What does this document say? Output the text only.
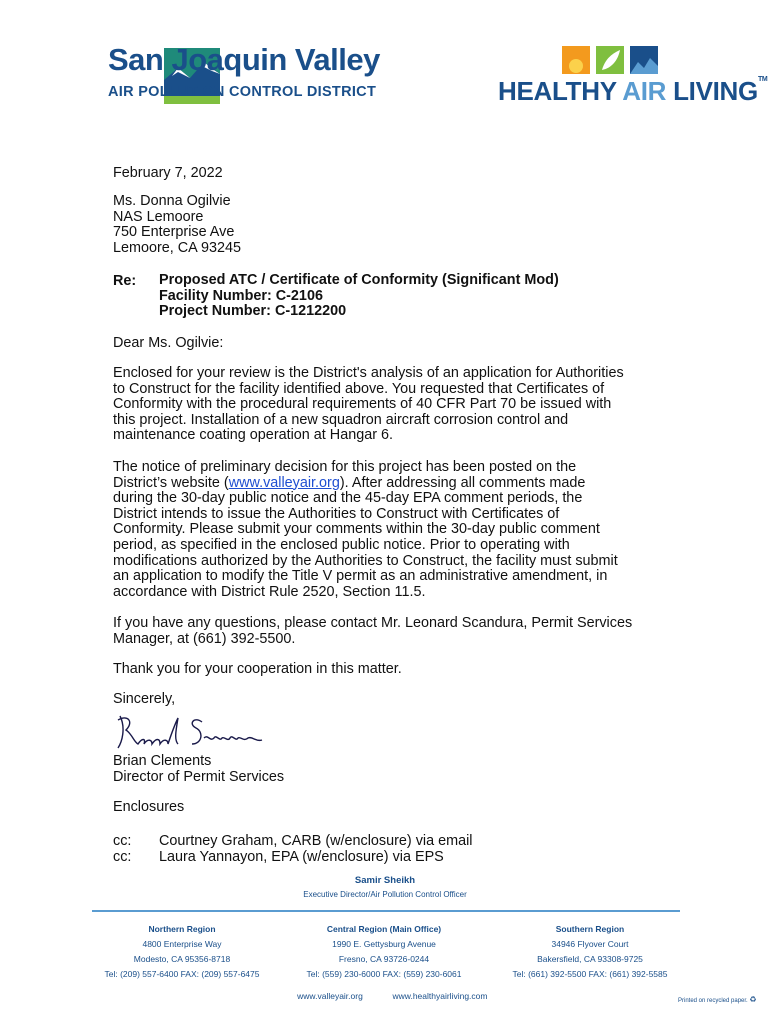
San Joaquin Valley
AIR POLLUTION CONTROL DISTRICT	HEALTHY AIR LIVING™
February 7, 2022
Ms. Donna Ogilvie
NAS Lemoore
750 Enterprise Ave
Lemoore, CA 93245
Re: Proposed ATC / Certificate of Conformity (Significant Mod)
Facility Number: C-2106
Project Number: C-1212200
Dear Ms. Ogilvie:
Enclosed for your review is the District's analysis of an application for Authorities
to Construct for the facility identified above. You requested that Certificates of
Conformity with the procedural requirements of 40 CFR Part 70 be issued with
this project. Installation of a new squadron aircraft corrosion control and
maintenance coating operation at Hangar 6.
The notice of preliminary decision for this project has been posted on the
District’s website (www.valleyair.org). After addressing all comments made
during the 30-day public notice and the 45-day EPA comment periods, the
District intends to issue the Authorities to Construct with Certificates of
Conformity. Please submit your comments within the 30-day public comment
period, as specified in the enclosed public notice. Prior to operating with
modifications authorized by the Authorities to Construct, the facility must submit
an application to modify the Title V permit as an administrative amendment, in
accordance with District Rule 2520, Section 11.5.
If you have any questions, please contact Mr. Leonard Scandura, Permit Services
Manager, at (661) 392-5500.
Thank you for your cooperation in this matter.
Sincerely,
Brian Clements
Director of Permit Services
Enclosures
cc: Courtney Graham, CARB (w/enclosure) via email
cc: Laura Yannayon, EPA (w/enclosure) via EPS
Samir Sheikh
Executive Director/Air Pollution Control Officer
Northern Region
4800 Enterprise Way
Modesto, CA 95356-8718
Tel: (209) 557-6400 FAX: (209) 557-6475
Central Region (Main Office)
1990 E. Gettysburg Avenue
Fresno, CA 93726-0244
Tel: (559) 230-6000 FAX: (559) 230-6061
Southern Region
34946 Flyover Court
Bakersfield, CA 93308-9725
Tel: (661) 392-5500 FAX: (661) 392-5585
www.valleyair.org	www.healthyairliving.com	Printed on recycled paper. ♻
